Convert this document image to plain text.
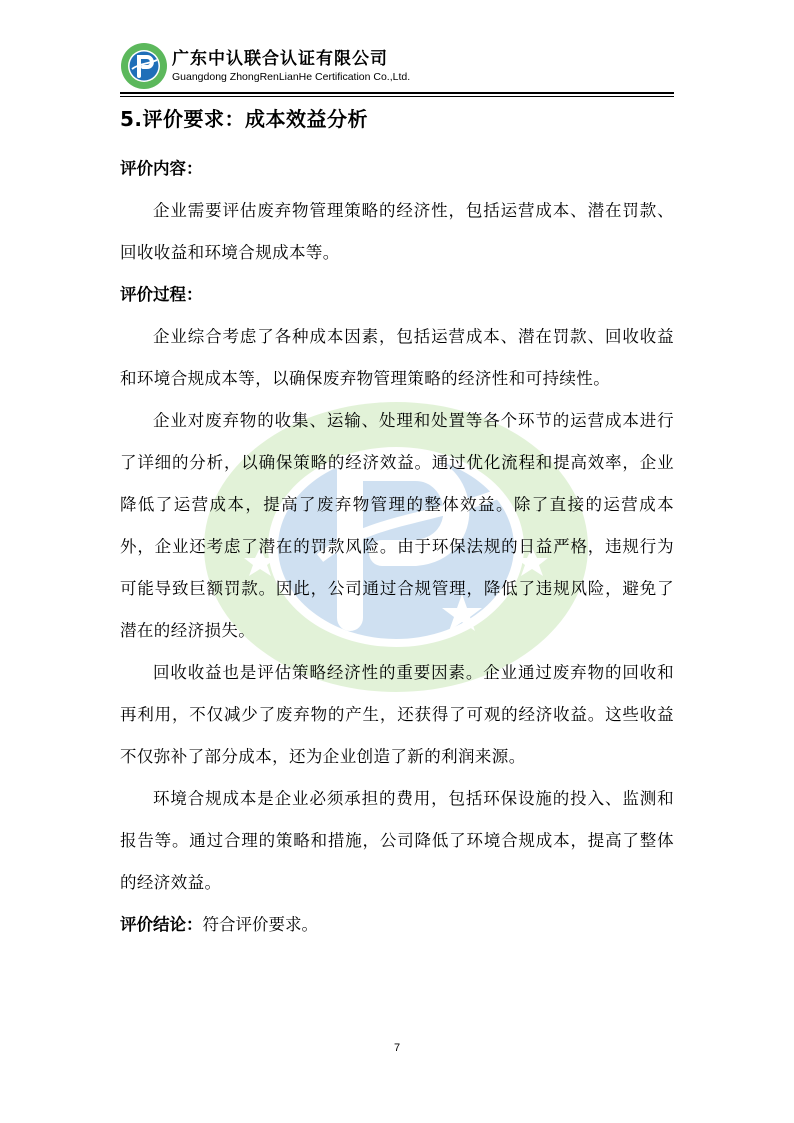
广东中认联合认证有限公司
Guangdong ZhongRenLianHe Certification Co.,Ltd.
5.评价要求：成本效益分析

评价内容：

企业需要评估废弃物管理策略的经济性，包括运营成本、潜在罚款、回收收益和环境合规成本等。

评价过程：

企业综合考虑了各种成本因素，包括运营成本、潜在罚款、回收收益和环境合规成本等，以确保废弃物管理策略的经济性和可持续性。

企业对废弃物的收集、运输、处理和处置等各个环节的运营成本进行了详细的分析，以确保策略的经济效益。通过优化流程和提高效率，企业降低了运营成本，提高了废弃物管理的整体效益。除了直接的运营成本外，企业还考虑了潜在的罚款风险。由于环保法规的日益严格，违规行为可能导致巨额罚款。因此，公司通过合规管理，降低了违规风险，避免了潜在的经济损失。

回收收益也是评估策略经济性的重要因素。企业通过废弃物的回收和再利用，不仅减少了废弃物的产生，还获得了可观的经济收益。这些收益不仅弥补了部分成本，还为企业创造了新的利润来源。

环境合规成本是企业必须承担的费用，包括环保设施的投入、监测和报告等。通过合理的策略和措施，公司降低了环境合规成本，提高了整体的经济效益。

评价结论：符合评价要求。

7
